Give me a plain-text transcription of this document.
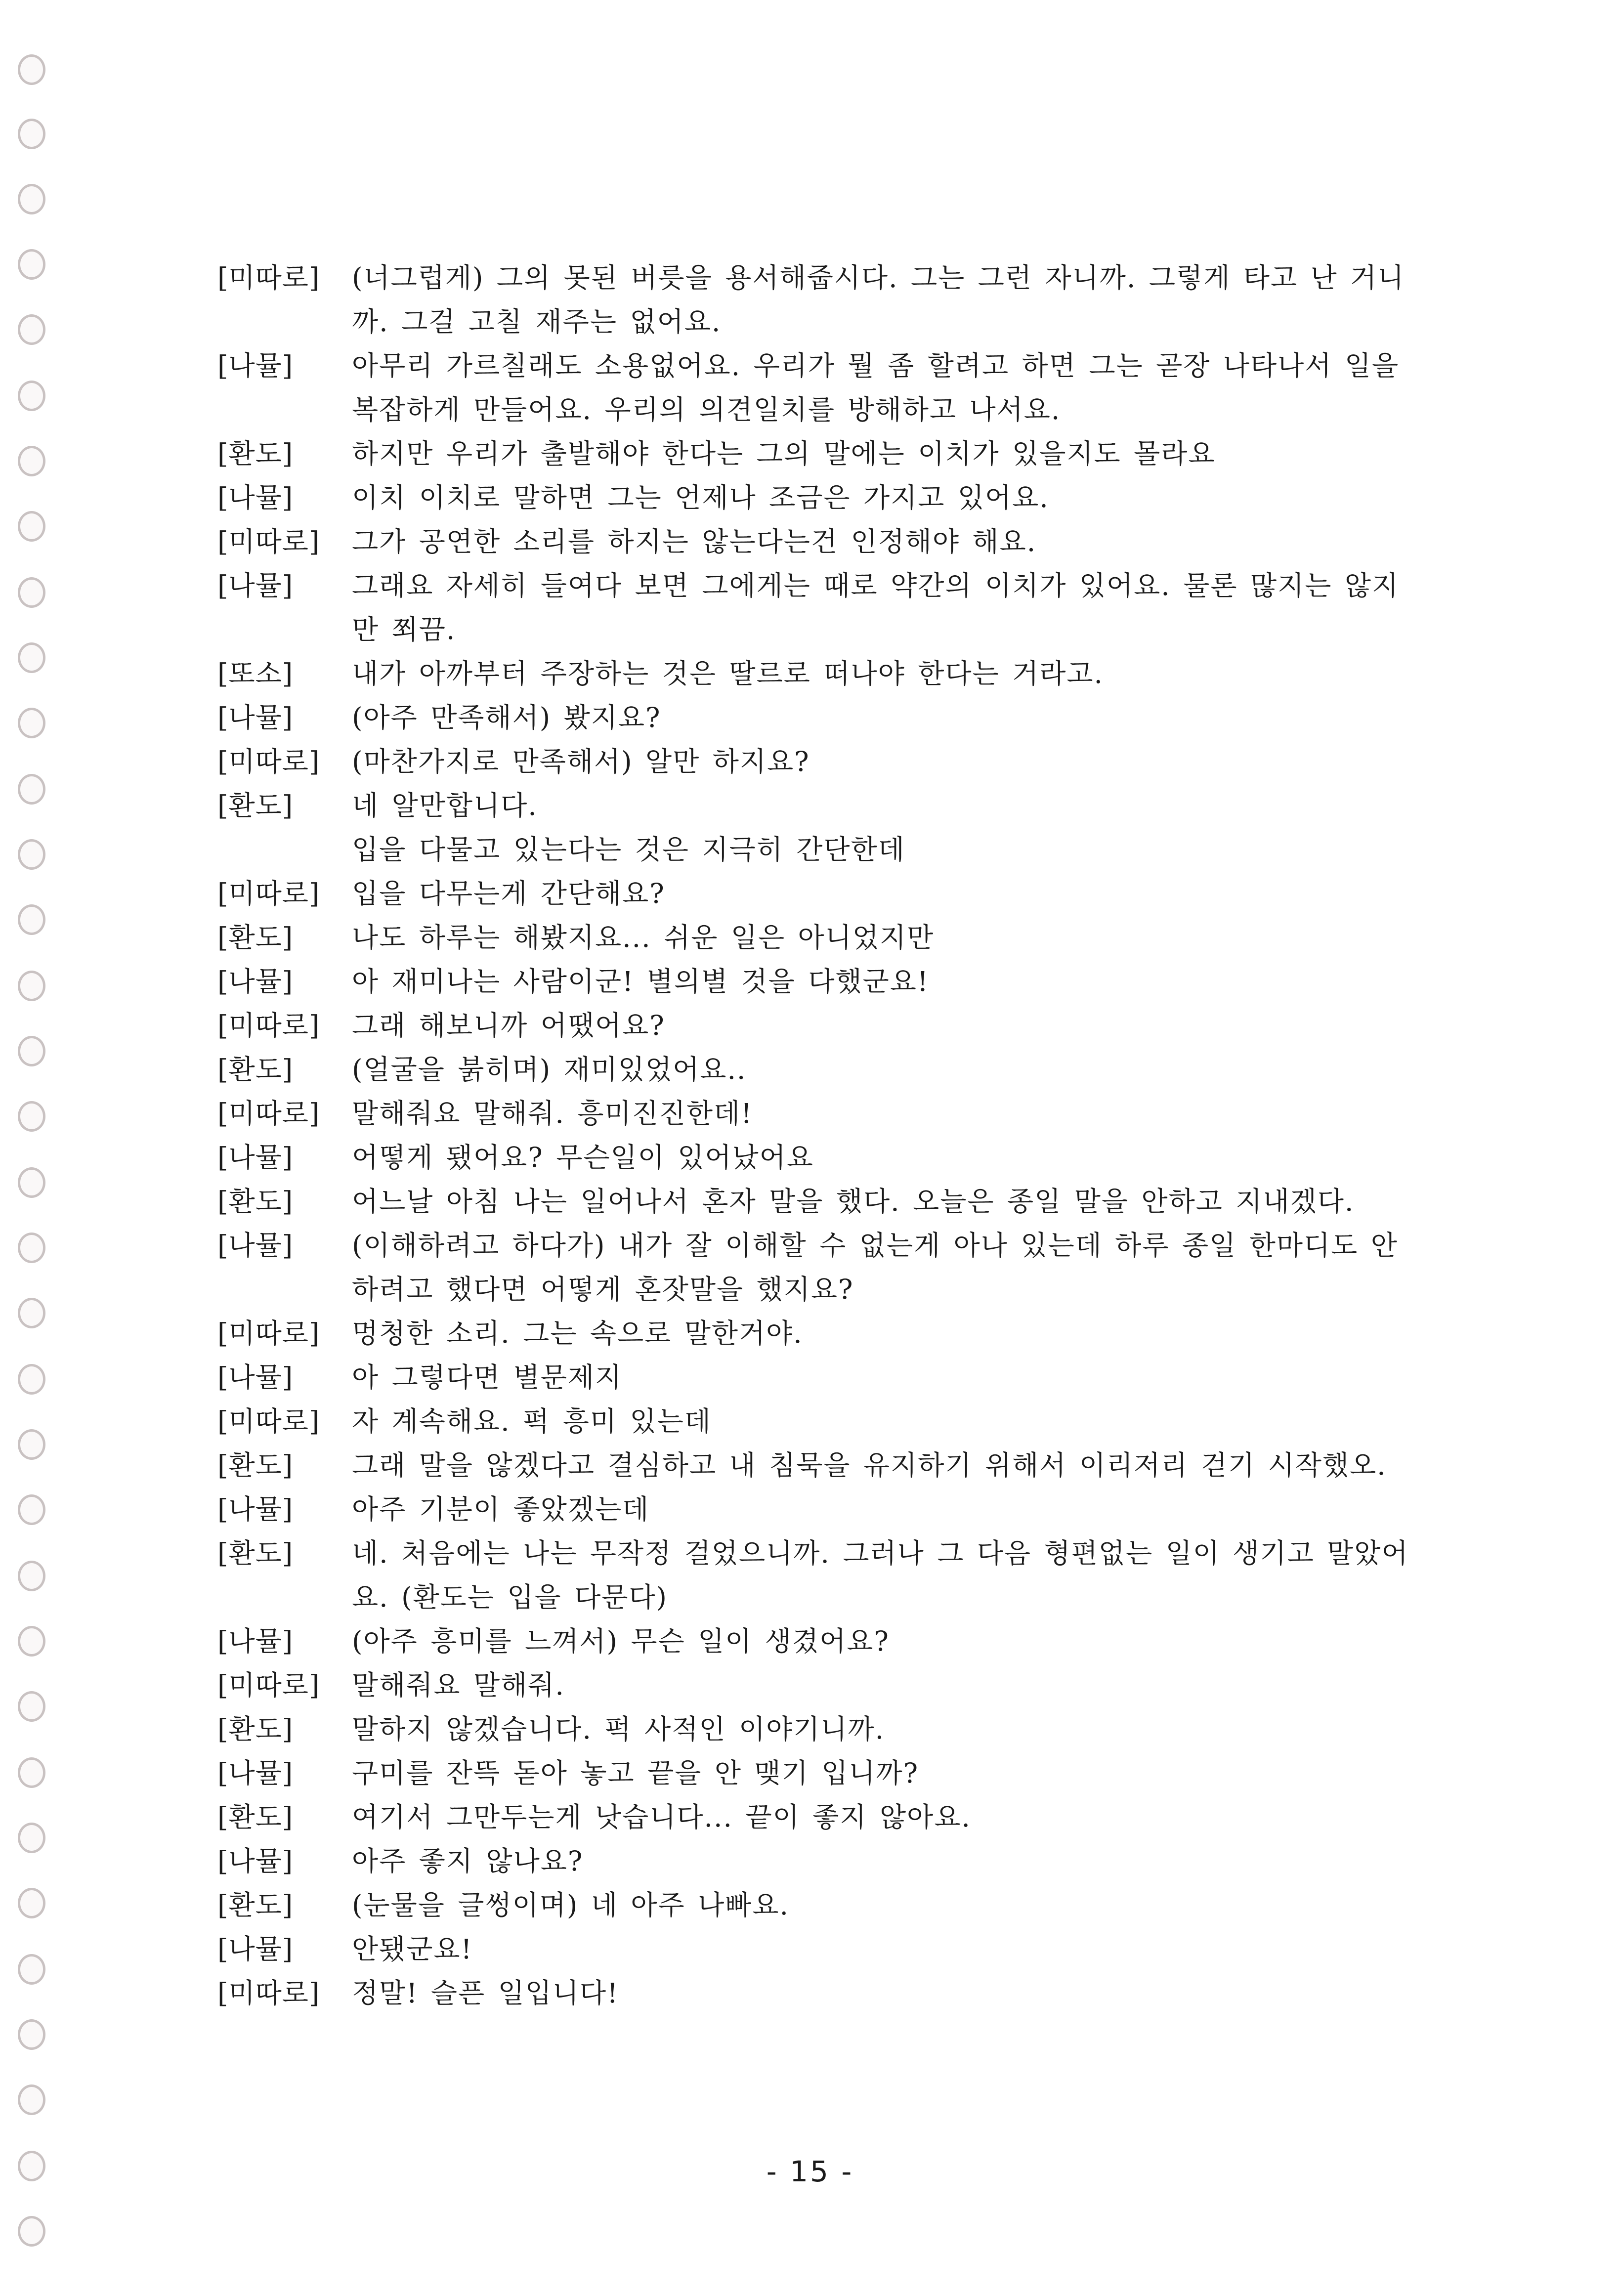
[미따로]	(너그럽게) 그의 못된 버릇을 용서해줍시다. 그는 그런 자니까. 그렇게 타고 난 거니까. 그걸 고칠 재주는 없어요.
[나뮬]	아무리 가르칠래도 소용없어요. 우리가 뭘 좀 할려고 하면 그는 곧장 나타나서 일을 복잡하게 만들어요. 우리의 의견일치를 방해하고 나서요.
[환도]	하지만 우리가 출발해야 한다는 그의 말에는 이치가 있을지도 몰라요
[나뮬]	이치 이치로 말하면 그는 언제나 조금은 가지고 있어요.
[미따로]	그가 공연한 소리를 하지는 않는다는건 인정해야 해요.
[나뮬]	그래요 자세히 들여다 보면 그에게는 때로 약간의 이치가 있어요. 물론 많지는 않지만 쬐끔.
[또소]	내가 아까부터 주장하는 것은 딸르로 떠나야 한다는 거라고.
[나뮬]	(아주 만족해서) 봤지요?
[미따로]	(마찬가지로 만족해서) 알만 하지요?
[환도]	네 알만합니다.
입을 다물고 있는다는 것은 지극히 간단한데
[미따로]	입을 다무는게 간단해요?
[환도]	나도 하루는 해봤지요... 쉬운 일은 아니었지만
[나뮬]	아 재미나는 사람이군! 별의별 것을 다했군요!
[미따로]	그래 해보니까 어땠어요?
[환도]	(얼굴을 붉히며) 재미있었어요..
[미따로]	말해줘요 말해줘. 흥미진진한데!
[나뮬]	어떻게 됐어요? 무슨일이 있어났어요
[환도]	어느날 아침 나는 일어나서 혼자 말을 했다. 오늘은 종일 말을 안하고 지내겠다.
[나뮬]	(이해하려고 하다가) 내가 잘 이해할 수 없는게 아나 있는데 하루 종일 한마디도 안하려고 했다면 어떻게 혼잣말을 했지요?
[미따로]	멍청한 소리. 그는 속으로 말한거야.
[나뮬]	아 그렇다면 별문제지
[미따로]	자 계속해요. 퍽 흥미 있는데
[환도]	그래 말을 않겠다고 결심하고 내 침묵을 유지하기 위해서 이리저리 걷기 시작했오.
[나뮬]	아주 기분이 좋았겠는데
[환도]	네. 처음에는 나는 무작정 걸었으니까. 그러나 그 다음 형편없는 일이 생기고 말았어요. (환도는 입을 다문다)
[나뮬]	(아주 흥미를 느껴서) 무슨 일이 생겼어요?
[미따로]	말해줘요 말해줘.
[환도]	말하지 않겠습니다. 퍽 사적인 이야기니까.
[나뮬]	구미를 잔뜩 돋아 놓고 끝을 안 맺기 입니까?
[환도]	여기서 그만두는게 낫습니다... 끝이 좋지 않아요.
[나뮬]	아주 좋지 않나요?
[환도]	(눈물을 글썽이며) 네 아주 나빠요.
[나뮬]	안됐군요!
[미따로]	정말! 슬픈 일입니다!
- 15 -
